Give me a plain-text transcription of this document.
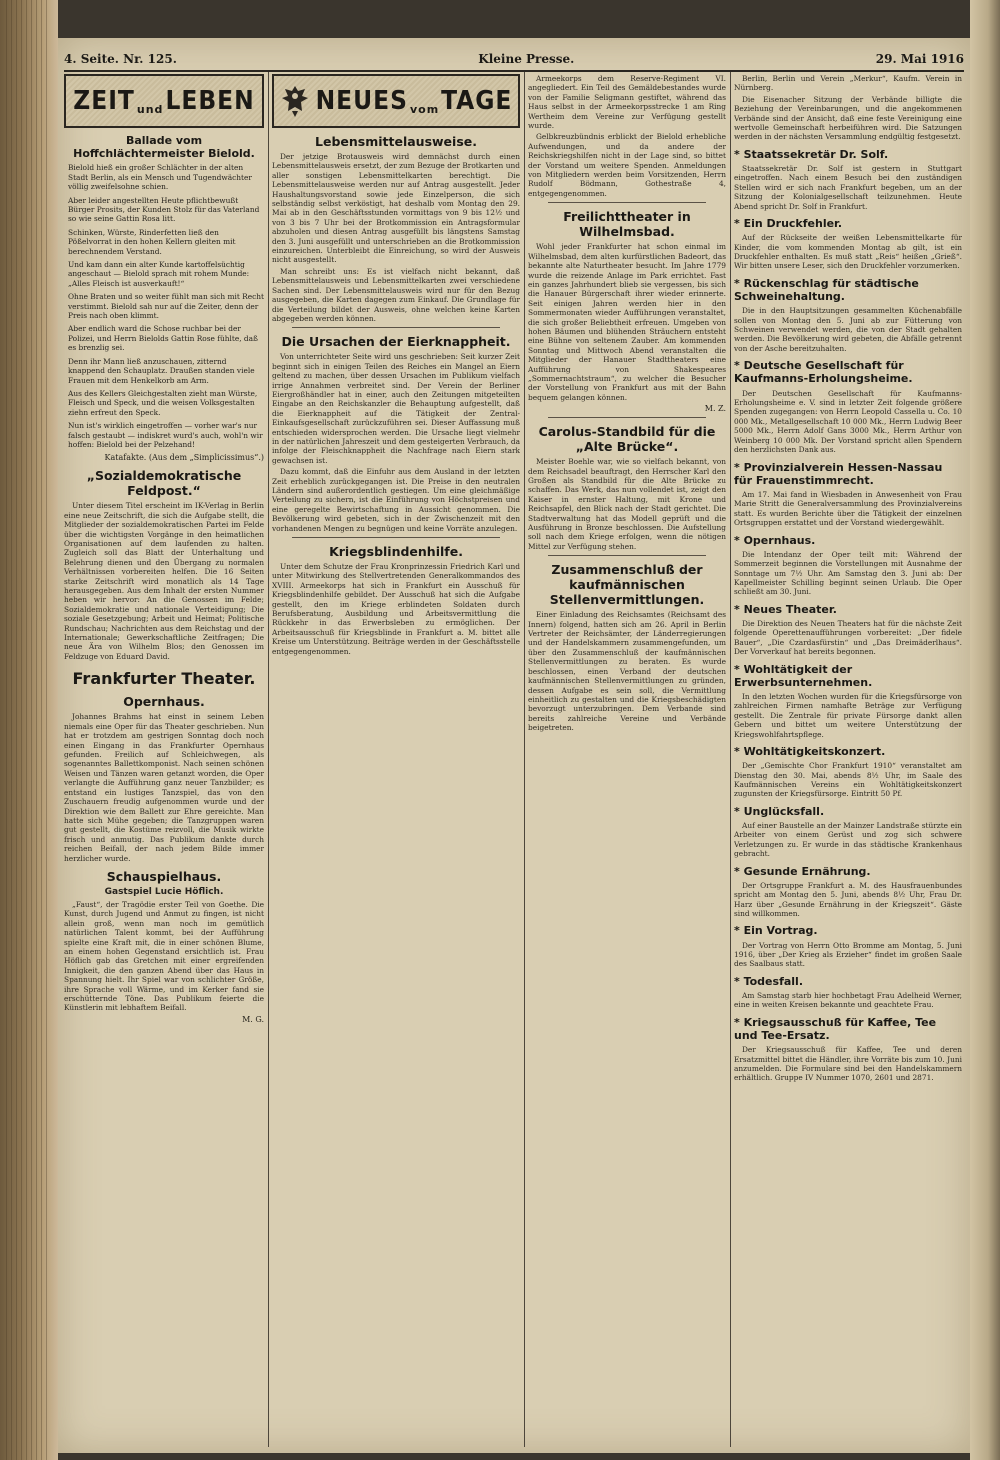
4. Seite. Nr. 125.	Kleine Presse.	29. Mai 1916
ZEIT und LEBEN
Ballade vom Hoffchlächtermeister Bielold.

Bielold hieß ein großer Schlächter in der alten Stadt Berlin, als ein Mensch und Tugendwächter völlig zweifelsohne schien.

Aber leider angestellten Heute pflichtbewußt Bürger Prosits, der Kunden Stolz für das Vaterland so wie seine Gattin Rosa litt.

Schinken, Würste, Rinderfetten ließ den Pößelvorrat in den hohen Kellern gleiten mit berechnendem Verstand.

Und kam dann ein alter Kunde kartoffelsüchtig angeschaut — Bielold sprach mit rohem Munde: „Alles Fleisch ist ausverkauft!“

Ohne Braten und so weiter fühlt man sich mit Recht verstimmt. Bielold sah nur auf die Zeiter, denn der Preis nach oben klimmt.

Aber endlich ward die Schose ruchbar bei der Polizei, und Herrn Bielolds Gattin Rose fühlte, daß es brenzlig sei.

Denn ihr Mann ließ anzuschauen, zitternd knappend den Schauplatz. Draußen standen viele Frauen mit dem Henkelkorb am Arm.

Aus des Kellers Gleichgestalten zieht man Würste, Fleisch und Speck, und die weisen Volksgestalten ziehn erfreut den Speck.

Nun ist's wirklich eingetroffen — vorher war's nur falsch gestaubt — indiskret wurd's auch, wohl'n wir hoffen: Bielold bei der Pelzehand!

Katafakte. (Aus dem „Simplicissimus“.)
„Sozialdemokratische Feldpost.“

Unter diesem Titel erscheint im IK-Verlag in Berlin eine neue Zeitschrift, die sich die Aufgabe stellt, die Mitglieder der sozialdemokratischen Partei im Felde über die wichtigsten Vorgänge in den heimatlichen Organisationen auf dem laufenden zu halten. Zugleich soll das Blatt der Unterhaltung und Belehrung dienen und den Übergang zu normalen Verhältnissen vorbereiten helfen. Die 16 Seiten starke Zeitschrift wird monatlich als 14 Tage herausgegeben. Aus dem Inhalt der ersten Nummer heben wir hervor: An die Genossen im Felde; Sozialdemokratie und nationale Verteidigung; Die soziale Gesetzgebung; Arbeit und Heimat; Politische Rundschau; Nachrichten aus dem Reichstag und der Internationale; Gewerkschaftliche Zeitfragen; Die neue Ära von Wilhelm Blos; den Genossen im Feldzuge von Eduard David.

Frankfurter Theater.
Opernhaus.

Johannes Brahms hat einst in seinem Leben niemals eine Oper für das Theater geschrieben. Nun hat er trotzdem am gestrigen Sonntag doch noch einen Eingang in das Frankfurter Opernhaus gefunden. Freilich auf Schleichwegen, als sogenanntes Ballettkomponist. Nach seinen schönen Weisen und Tänzen waren getanzt worden, die Oper verlangte die Aufführung ganz neuer Tanzbilder; es entstand ein lustiges Tanzspiel, das von den Zuschauern freudig aufgenommen wurde und der Direktion wie dem Ballett zur Ehre gereichte. Man hatte sich Mühe gegeben; die Tanzgruppen waren gut gestellt, die Kostüme reizvoll, die Musik wirkte frisch und anmutig. Das Publikum dankte durch reichen Beifall, der nach jedem Bilde immer herzlicher wurde.

Schauspielhaus.
Gastspiel Lucie Höflich.

„Faust“, der Tragödie erster Teil von Goethe. Die Kunst, durch Jugend und Anmut zu fingen, ist nicht allein groß, wenn man noch im gemütlich natürlichen Talent kommt, bei der Aufführung spielte eine Kraft mit, die in einer schönen Blume, an einem hohen Gegenstand ersichtlich ist. Frau Höflich gab das Gretchen mit einer ergreifenden Innigkeit, die den ganzen Abend über das Haus in Spannung hielt. Ihr Spiel war von schlichter Größe, ihre Sprache voll Wärme, und im Kerker fand sie erschütternde Töne. Das Publikum feierte die Künstlerin mit lebhaftem Beifall.

M. G.
NEUES vom TAGE
Lebensmittelausweise.

Der jetzige Brotausweis wird demnächst durch einen Lebensmittelausweis ersetzt, der zum Bezuge der Brotkarten und aller sonstigen Lebensmittelkarten berechtigt. Die Lebensmittelausweise werden nur auf Antrag ausgestellt. Jeder Haushaltungsvorstand sowie jede Einzelperson, die sich selbständig selbst verköstigt, hat deshalb vom Montag den 29. Mai ab in den Geschäftsstunden vormittags von 9 bis 12½ und von 3 bis 7 Uhr bei der Brotkommission ein Antragsformular abzuholen und diesen Antrag ausgefüllt bis längstens Samstag den 3. Juni ausgefüllt und unterschrieben an die Brotkommission einzureichen. Unterbleibt die Einreichung, so wird der Ausweis nicht ausgestellt.

Man schreibt uns: Es ist vielfach nicht bekannt, daß Lebensmittelausweis und Lebensmittelkarten zwei verschiedene Sachen sind. Der Lebensmittelausweis wird nur für den Bezug ausgegeben, die Karten dagegen zum Einkauf. Die Grundlage für die Verteilung bildet der Ausweis, ohne welchen keine Karten abgegeben werden können.

Die Ursachen der Eierknappheit.

Von unterrichteter Seite wird uns geschrieben: Seit kurzer Zeit beginnt sich in einigen Teilen des Reiches ein Mangel an Eiern geltend zu machen, über dessen Ursachen im Publikum vielfach irrige Annahmen verbreitet sind. Der Verein der Berliner Eiergroßhändler hat in einer, auch den Zeitungen mitgeteilten Eingabe an den Reichskanzler die Behauptung aufgestellt, daß die Eierknappheit auf die Tätigkeit der Zentral-Einkaufsgesellschaft zurückzuführen sei. Dieser Auffassung muß entschieden widersprochen werden. Die Ursache liegt vielmehr in der natürlichen Jahreszeit und dem gesteigerten Verbrauch, da infolge der Fleischknappheit die Nachfrage nach Eiern stark gewachsen ist.

Dazu kommt, daß die Einfuhr aus dem Ausland in der letzten Zeit erheblich zurückgegangen ist. Die Preise in den neutralen Ländern sind außerordentlich gestiegen. Um eine gleichmäßige Verteilung zu sichern, ist die Einführung von Höchstpreisen und eine geregelte Bewirtschaftung in Aussicht genommen. Die Bevölkerung wird gebeten, sich in der Zwischenzeit mit den vorhandenen Mengen zu begnügen und keine Vorräte anzulegen.

Kriegsblindenhilfe.

Unter dem Schutze der Frau Kronprinzessin Friedrich Karl und unter Mitwirkung des Stellvertretenden Generalkommandos des XVIII. Armeekorps hat sich in Frankfurt ein Ausschuß für Kriegsblindenhilfe gebildet. Der Ausschuß hat sich die Aufgabe gestellt, den im Kriege erblindeten Soldaten durch Berufsberatung, Ausbildung und Arbeitsvermittlung die Rückkehr in das Erwerbsleben zu ermöglichen. Der Arbeitsausschuß für Kriegsblinde in Frankfurt a. M. bittet alle Kreise um Unterstützung. Beiträge werden in der Geschäftsstelle entgegengenommen.

Armeekorps dem Reserve-Regiment VI. angegliedert. Ein Teil des Gemäldebestandes wurde von der Familie Seligmann gestiftet, während das Haus selbst in der Armeekorpsstrecke 1 am Ring Wertheim dem Vereine zur Verfügung gestellt wurde.

Gelbkreuzbündnis erblickt der Bielold erhebliche Aufwendungen, und da andere der Reichskriegshilfen nicht in der Lage sind, so bittet der Vorstand um weitere Spenden. Anmeldungen von Mitgliedern werden beim Vorsitzenden, Herrn Rudolf Bödmann, Gothestraße 4, entgegengenommen.

Freilichttheater in Wilhelmsbad.

Wohl jeder Frankfurter hat schon einmal im Wilhelmsbad, dem alten kurfürstlichen Badeort, das bekannte alte Naturtheater besucht. Im Jahre 1779 wurde die reizende Anlage im Park errichtet. Fast ein ganzes Jahrhundert blieb sie vergessen, bis sich die Hanauer Bürgerschaft ihrer wieder erinnerte. Seit einigen Jahren werden hier in den Sommermonaten wieder Aufführungen veranstaltet, die sich großer Beliebtheit erfreuen. Umgeben von hohen Bäumen und blühenden Sträuchern entsteht eine Bühne von seltenem Zauber. Am kommenden Sonntag und Mittwoch Abend veranstalten die Mitglieder der Hanauer Stadttheaters eine Aufführung von Shakespeares „Sommernachtstraum“, zu welcher die Besucher der Vorstellung von Frankfurt aus mit der Bahn bequem gelangen können.

M. Z.
Carolus-Standbild für die „Alte Brücke“.

Meister Boehle war, wie so vielfach bekannt, von dem Reichsadel beauftragt, den Herrscher Karl den Großen als Standbild für die Alte Brücke zu schaffen. Das Werk, das nun vollendet ist, zeigt den Kaiser in ernster Haltung, mit Krone und Reichsapfel, den Blick nach der Stadt gerichtet. Die Stadtverwaltung hat das Modell geprüft und die Ausführung in Bronze beschlossen. Die Aufstellung soll nach dem Kriege erfolgen, wenn die nötigen Mittel zur Verfügung stehen.

Zusammenschluß der kaufmännischen Stellenvermittlungen.

Einer Einladung des Reichsamtes (Reichsamt des Innern) folgend, hatten sich am 26. April in Berlin Vertreter der Reichsämter, der Länderregierungen und der Handelskammern zusammengefunden, um über den Zusammenschluß der kaufmännischen Stellenvermittlungen zu beraten. Es wurde beschlossen, einen Verband der deutschen kaufmännischen Stellenvermittlungen zu gründen, dessen Aufgabe es sein soll, die Vermittlung einheitlich zu gestalten und die Kriegsbeschädigten bevorzugt unterzubringen. Dem Verbande sind bereits zahlreiche Vereine und Verbände beigetreten.

Berlin, Berlin und Verein „Merkur“, Kaufm. Verein in Nürnberg.

Die Eisenacher Sitzung der Verbände billigte die Beziehung der Vereinbarungen, und die angekommenen Verbände sind der Ansicht, daß eine feste Vereinigung eine wertvolle Gemeinschaft herbeiführen wird. Die Satzungen werden in der nächsten Versammlung endgültig festgesetzt.

* Staatssekretär Dr. Solf.

Staatssekretär Dr. Solf ist gestern in Stuttgart eingetroffen. Nach einem Besuch bei den zuständigen Stellen wird er sich nach Frankfurt begeben, um an der Sitzung der Kolonialgesellschaft teilzunehmen. Heute Abend spricht Dr. Solf in Frankfurt.

* Ein Druckfehler.

Auf der Rückseite der weißen Lebensmittelkarte für Kinder, die vom kommenden Montag ab gilt, ist ein Druckfehler enthalten. Es muß statt „Reis“ heißen „Grieß“. Wir bitten unsere Leser, sich den Druckfehler vorzumerken.

* Rückenschlag für städtische Schweinehaltung.

Die in den Hauptsitzungen gesammelten Küchenabfälle sollen von Montag den 5. Juni ab zur Fütterung von Schweinen verwendet werden, die von der Stadt gehalten werden. Die Bevölkerung wird gebeten, die Abfälle getrennt von der Asche bereitzuhalten.

* Deutsche Gesellschaft für Kaufmanns-Erholungsheime.

Der Deutschen Gesellschaft für Kaufmanns-Erholungsheime e. V. sind in letzter Zeit folgende größere Spenden zugegangen: von Herrn Leopold Cassella u. Co. 10 000 Mk., Metallgesellschaft 10 000 Mk., Herrn Ludwig Beer 5000 Mk., Herrn Adolf Gans 3000 Mk., Herrn Arthur von Weinberg 10 000 Mk. Der Vorstand spricht allen Spendern den herzlichsten Dank aus.

* Provinzialverein Hessen-Nassau für Frauenstimmrecht.

Am 17. Mai fand in Wiesbaden in Anwesenheit von Frau Marie Stritt die Generalversammlung des Provinzialvereins statt. Es wurden Berichte über die Tätigkeit der einzelnen Ortsgruppen erstattet und der Vorstand wiedergewählt.

* Opernhaus.

Die Intendanz der Oper teilt mit: Während der Sommerzeit beginnen die Vorstellungen mit Ausnahme der Sonntage um 7½ Uhr. Am Samstag den 3. Juni ab: Der Kapellmeister Schilling beginnt seinen Urlaub. Die Oper schließt am 30. Juni.

* Neues Theater.

Die Direktion des Neuen Theaters hat für die nächste Zeit folgende Operettenaufführungen vorbereitet: „Der fidele Bauer“, „Die Czardasfürstin“ und „Das Dreimäderlhaus“. Der Vorverkauf hat bereits begonnen.

* Wohltätigkeit der Erwerbsunternehmen.

In den letzten Wochen wurden für die Kriegsfürsorge von zahlreichen Firmen namhafte Beträge zur Verfügung gestellt. Die Zentrale für private Fürsorge dankt allen Gebern und bittet um weitere Unterstützung der Kriegswohlfahrtspflege.

* Wohltätigkeitskonzert.

Der „Gemischte Chor Frankfurt 1910“ veranstaltet am Dienstag den 30. Mai, abends 8½ Uhr, im Saale des Kaufmännischen Vereins ein Wohltätigkeitskonzert zugunsten der Kriegsfürsorge. Eintritt 50 Pf.

* Unglücksfall.

Auf einer Baustelle an der Mainzer Landstraße stürzte ein Arbeiter von einem Gerüst und zog sich schwere Verletzungen zu. Er wurde in das städtische Krankenhaus gebracht.

* Gesunde Ernährung.

Der Ortsgruppe Frankfurt a. M. des Hausfrauenbundes spricht am Montag den 5. Juni, abends 8½ Uhr, Frau Dr. Harz über „Gesunde Ernährung in der Kriegszeit“. Gäste sind willkommen.

* Ein Vortrag.

Der Vortrag von Herrn Otto Bromme am Montag, 5. Juni 1916, über „Der Krieg als Erzieher“ findet im großen Saale des Saalbaus statt.

* Todesfall.

Am Samstag starb hier hochbetagt Frau Adelheid Werner, eine in weiten Kreisen bekannte und geachtete Frau.

* Kriegsausschuß für Kaffee, Tee und Tee-Ersatz.

Der Kriegsausschuß für Kaffee, Tee und deren Ersatzmittel bittet die Händler, ihre Vorräte bis zum 10. Juni anzumelden. Die Formulare sind bei den Handelskammern erhältlich. Gruppe IV Nummer 1070, 2601 und 2871.
